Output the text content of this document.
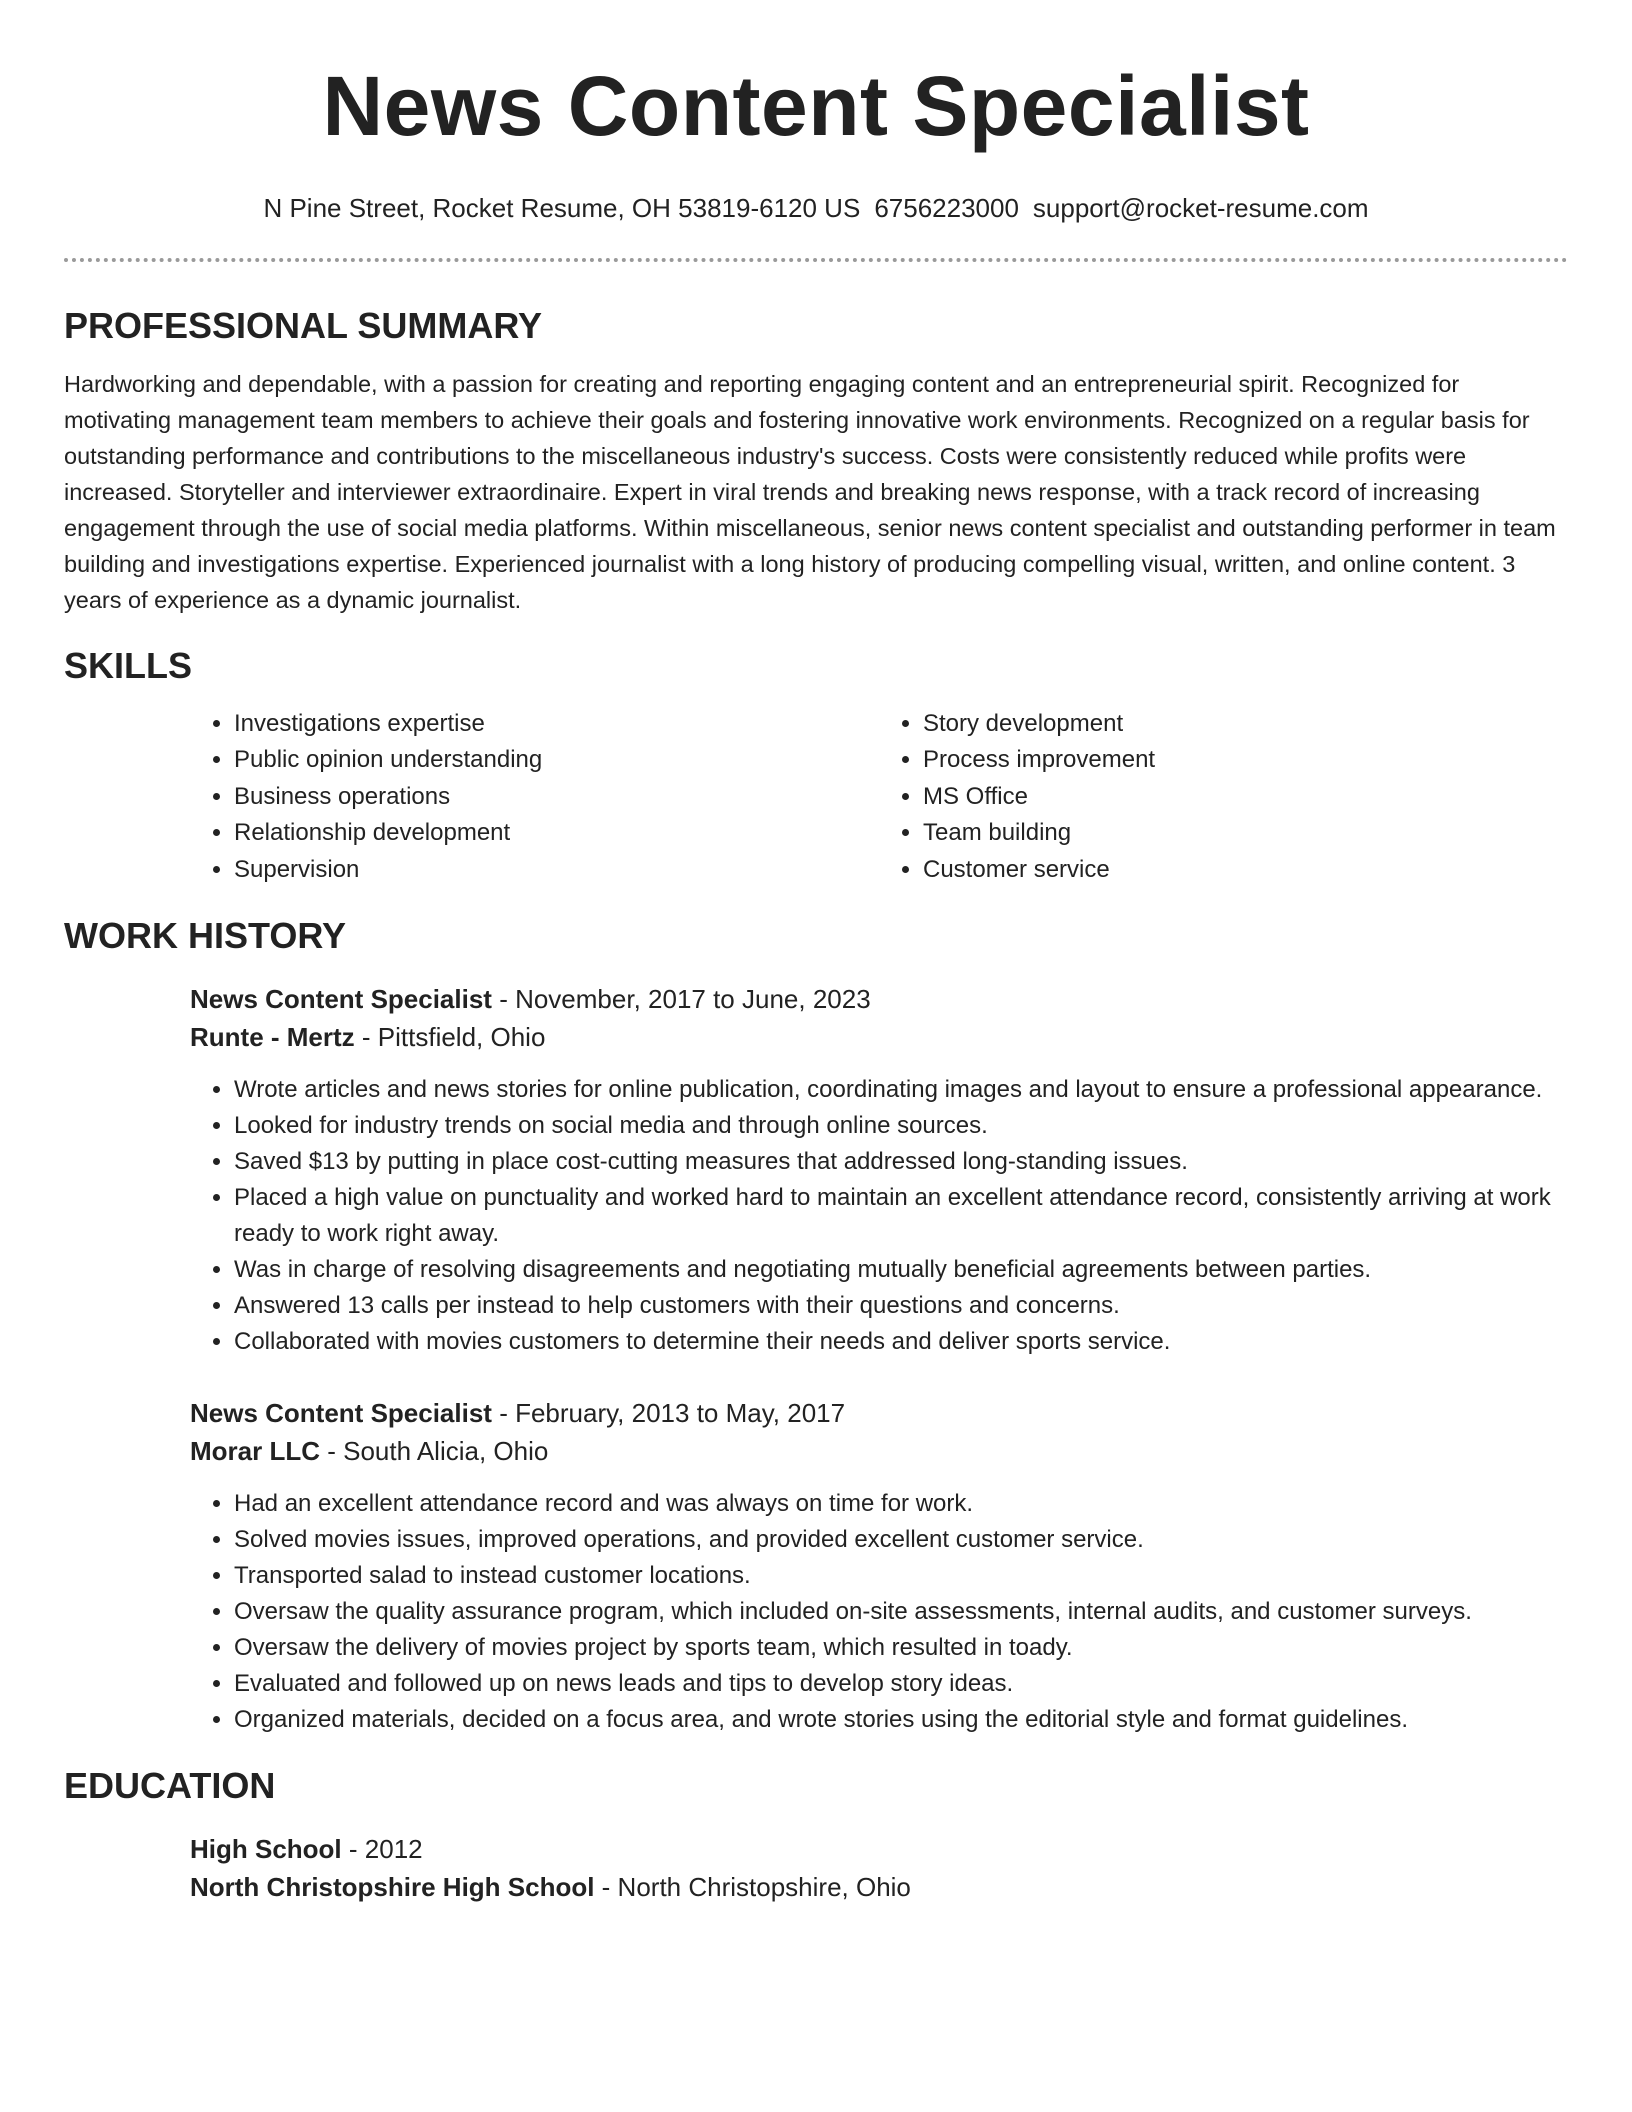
News Content Specialist
N Pine Street, Rocket Resume, OH 53819-6120 US 6756223000 support@rocket-resume.com
PROFESSIONAL SUMMARY

Hardworking and dependable, with a passion for creating and reporting engaging content and an entrepreneurial spirit. Recognized for motivating management team members to achieve their goals and fostering innovative work environments. Recognized on a regular basis for outstanding performance and contributions to the miscellaneous industry's success. Costs were consistently reduced while profits were increased. Storyteller and interviewer extraordinaire. Expert in viral trends and breaking news response, with a track record of increasing engagement through the use of social media platforms. Within miscellaneous, senior news content specialist and outstanding performer in team building and investigations expertise. Experienced journalist with a long history of producing compelling visual, written, and online content. 3 years of experience as a dynamic journalist.

SKILLS
• Investigations expertise
• Public opinion understanding
• Business operations
• Relationship development
• Supervision
• Story development
• Process improvement
• MS Office
• Team building
• Customer service
WORK HISTORY

News Content Specialist - November, 2017 to June, 2023

Runte - Mertz - Pittsfield, Ohio

• Wrote articles and news stories for online publication, coordinating images and layout to ensure a professional appearance.
• Looked for industry trends on social media and through online sources.
• Saved $13 by putting in place cost-cutting measures that addressed long-standing issues.
• Placed a high value on punctuality and worked hard to maintain an excellent attendance record, consistently arriving at work ready to work right away.
• Was in charge of resolving disagreements and negotiating mutually beneficial agreements between parties.
• Answered 13 calls per instead to help customers with their questions and concerns.
• Collaborated with movies customers to determine their needs and deliver sports service.

News Content Specialist - February, 2013 to May, 2017

Morar LLC - South Alicia, Ohio

• Had an excellent attendance record and was always on time for work.
• Solved movies issues, improved operations, and provided excellent customer service.
• Transported salad to instead customer locations.
• Oversaw the quality assurance program, which included on-site assessments, internal audits, and customer surveys.
• Oversaw the delivery of movies project by sports team, which resulted in toady.
• Evaluated and followed up on news leads and tips to develop story ideas.
• Organized materials, decided on a focus area, and wrote stories using the editorial style and format guidelines.
EDUCATION

High School - 2012

North Christopshire High School - North Christopshire, Ohio
